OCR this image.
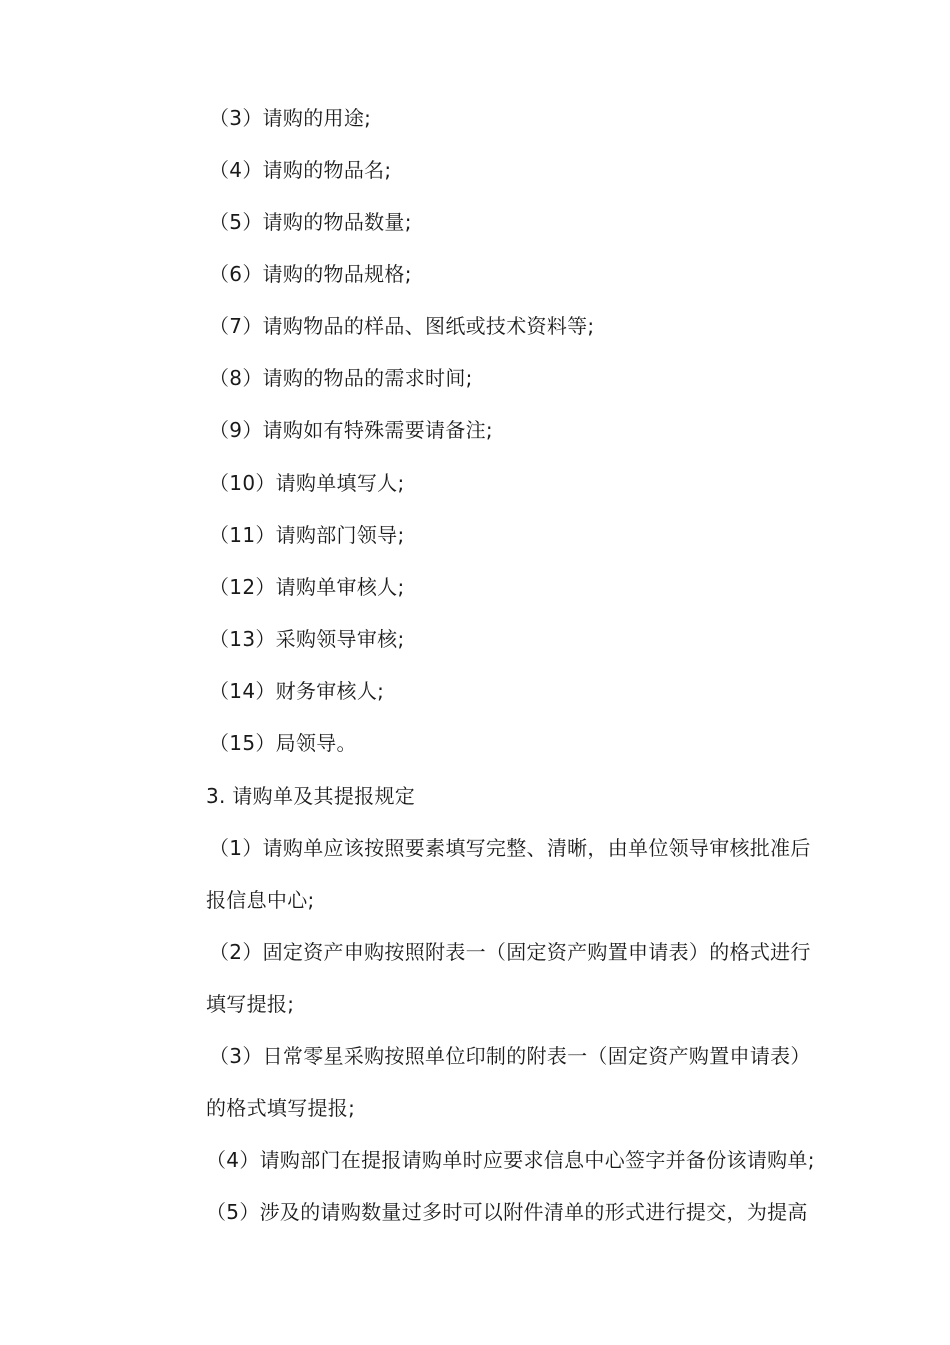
（3）请购的用途;
（4）请购的物品名;
（5）请购的物品数量;
（6）请购的物品规格;
（7）请购物品的样品、图纸或技术资料等;
（8）请购的物品的需求时间;
（9）请购如有特殊需要请备注;
（10）请购单填写人;
（11）请购部门领导;
（12）请购单审核人;
（13）采购领导审核;
（14）财务审核人;
（15）局领导。
3. 请购单及其提报规定
（1）请购单应该按照要素填写完整、清晰，由单位领导审核批准后
报信息中心;
（2）固定资产申购按照附表一（固定资产购置申请表）的格式进行
填写提报;
（3）日常零星采购按照单位印制的附表一（固定资产购置申请表）
的格式填写提报;
（4）请购部门在提报请购单时应要求信息中心签字并备份该请购单;
（5）涉及的请购数量过多时可以附件清单的形式进行提交，为提高
